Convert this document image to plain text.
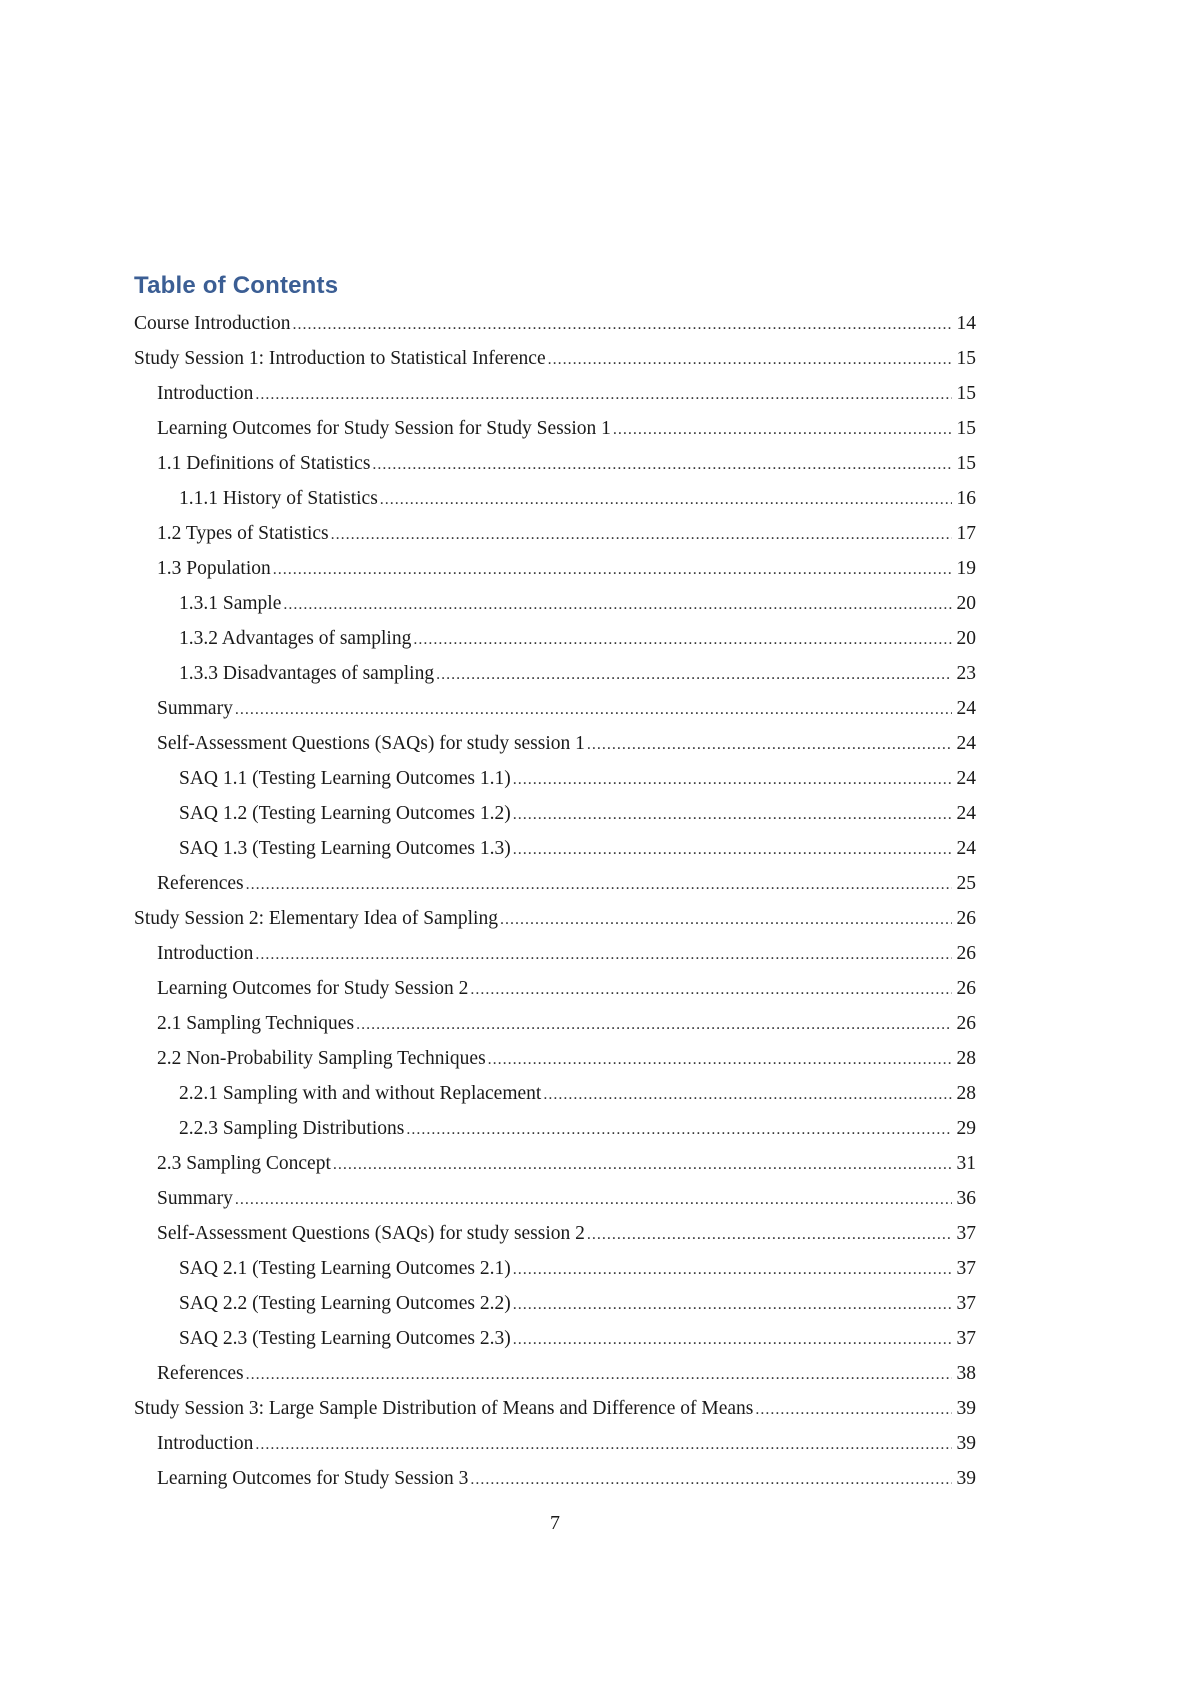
Table of Contents
Course Introduction .....	14
Study Session 1: Introduction to Statistical Inference .....	15
Introduction .....	15
Learning Outcomes for Study Session for Study Session 1 .....	15
1.1 Definitions of Statistics .....	15
1.1.1 History of Statistics .....	16
1.2 Types of Statistics .....	17
1.3 Population .....	19
1.3.1 Sample .....	20
1.3.2 Advantages of sampling .....	20
1.3.3 Disadvantages of sampling .....	23
Summary .....	24
Self-Assessment Questions (SAQs) for study session 1 .....	24
SAQ 1.1 (Testing Learning Outcomes 1.1) .....	24
SAQ 1.2 (Testing Learning Outcomes 1.2) .....	24
SAQ 1.3 (Testing Learning Outcomes 1.3) .....	24
References .....	25
Study Session 2: Elementary Idea of Sampling .....	26
Introduction .....	26
Learning Outcomes for Study Session 2 .....	26
2.1 Sampling Techniques .....	26
2.2 Non-Probability Sampling Techniques .....	28
2.2.1 Sampling with and without Replacement .....	28
2.2.3 Sampling Distributions .....	29
2.3 Sampling Concept .....	31
Summary .....	36
Self-Assessment Questions (SAQs) for study session 2 .....	37
SAQ 2.1 (Testing Learning Outcomes 2.1) .....	37
SAQ 2.2 (Testing Learning Outcomes 2.2) .....	37
SAQ 2.3 (Testing Learning Outcomes 2.3) .....	37
References .....	38
Study Session 3: Large Sample Distribution of Means and Difference of Means .....	39
Introduction .....	39
Learning Outcomes for Study Session 3 .....	39
7
